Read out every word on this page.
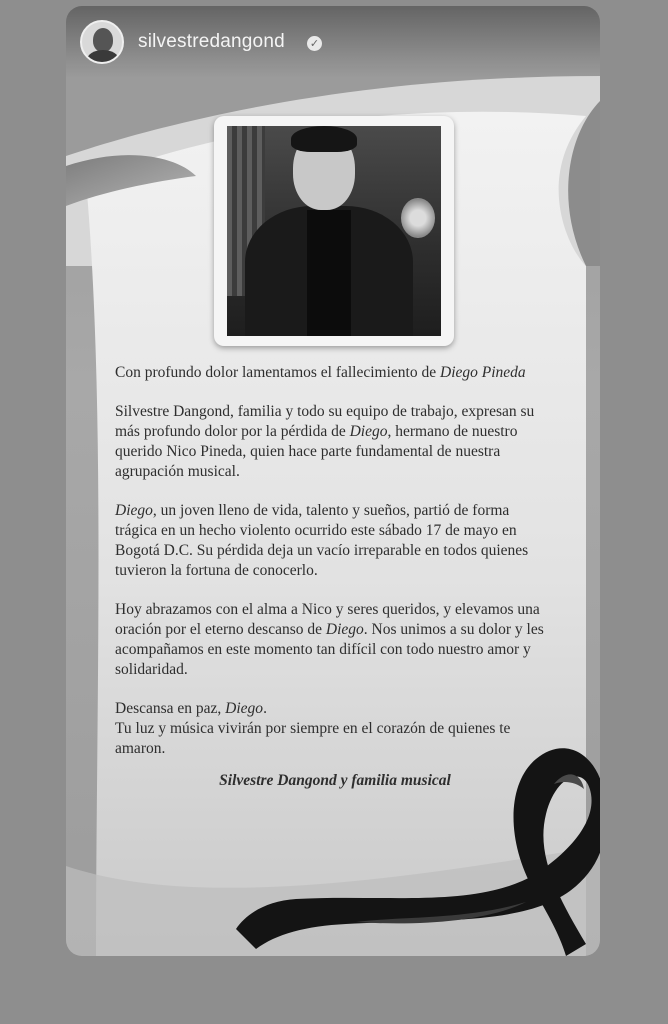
silvestredangond ✓

Con profundo dolor lamentamos el fallecimiento de Diego Pineda

Silvestre Dangond, familia y todo su equipo de trabajo, expresan su más profundo dolor por la pérdida de Diego, hermano de nuestro querido Nico Pineda, quien hace parte fundamental de nuestra agrupación musical.

Diego, un joven lleno de vida, talento y sueños, partió de forma trágica en un hecho violento ocurrido este sábado 17 de mayo en Bogotá D.C. Su pérdida deja un vacío irreparable en todos quienes tuvieron la fortuna de conocerlo.

Hoy abrazamos con el alma a Nico y seres queridos, y elevamos una oración por el eterno descanso de Diego. Nos unimos a su dolor y les acompañamos en este momento tan difícil con todo nuestro amor y solidaridad.

Descansa en paz, Diego.
Tu luz y música vivirán por siempre en el corazón de quienes te amaron.

Silvestre Dangond y familia musical
